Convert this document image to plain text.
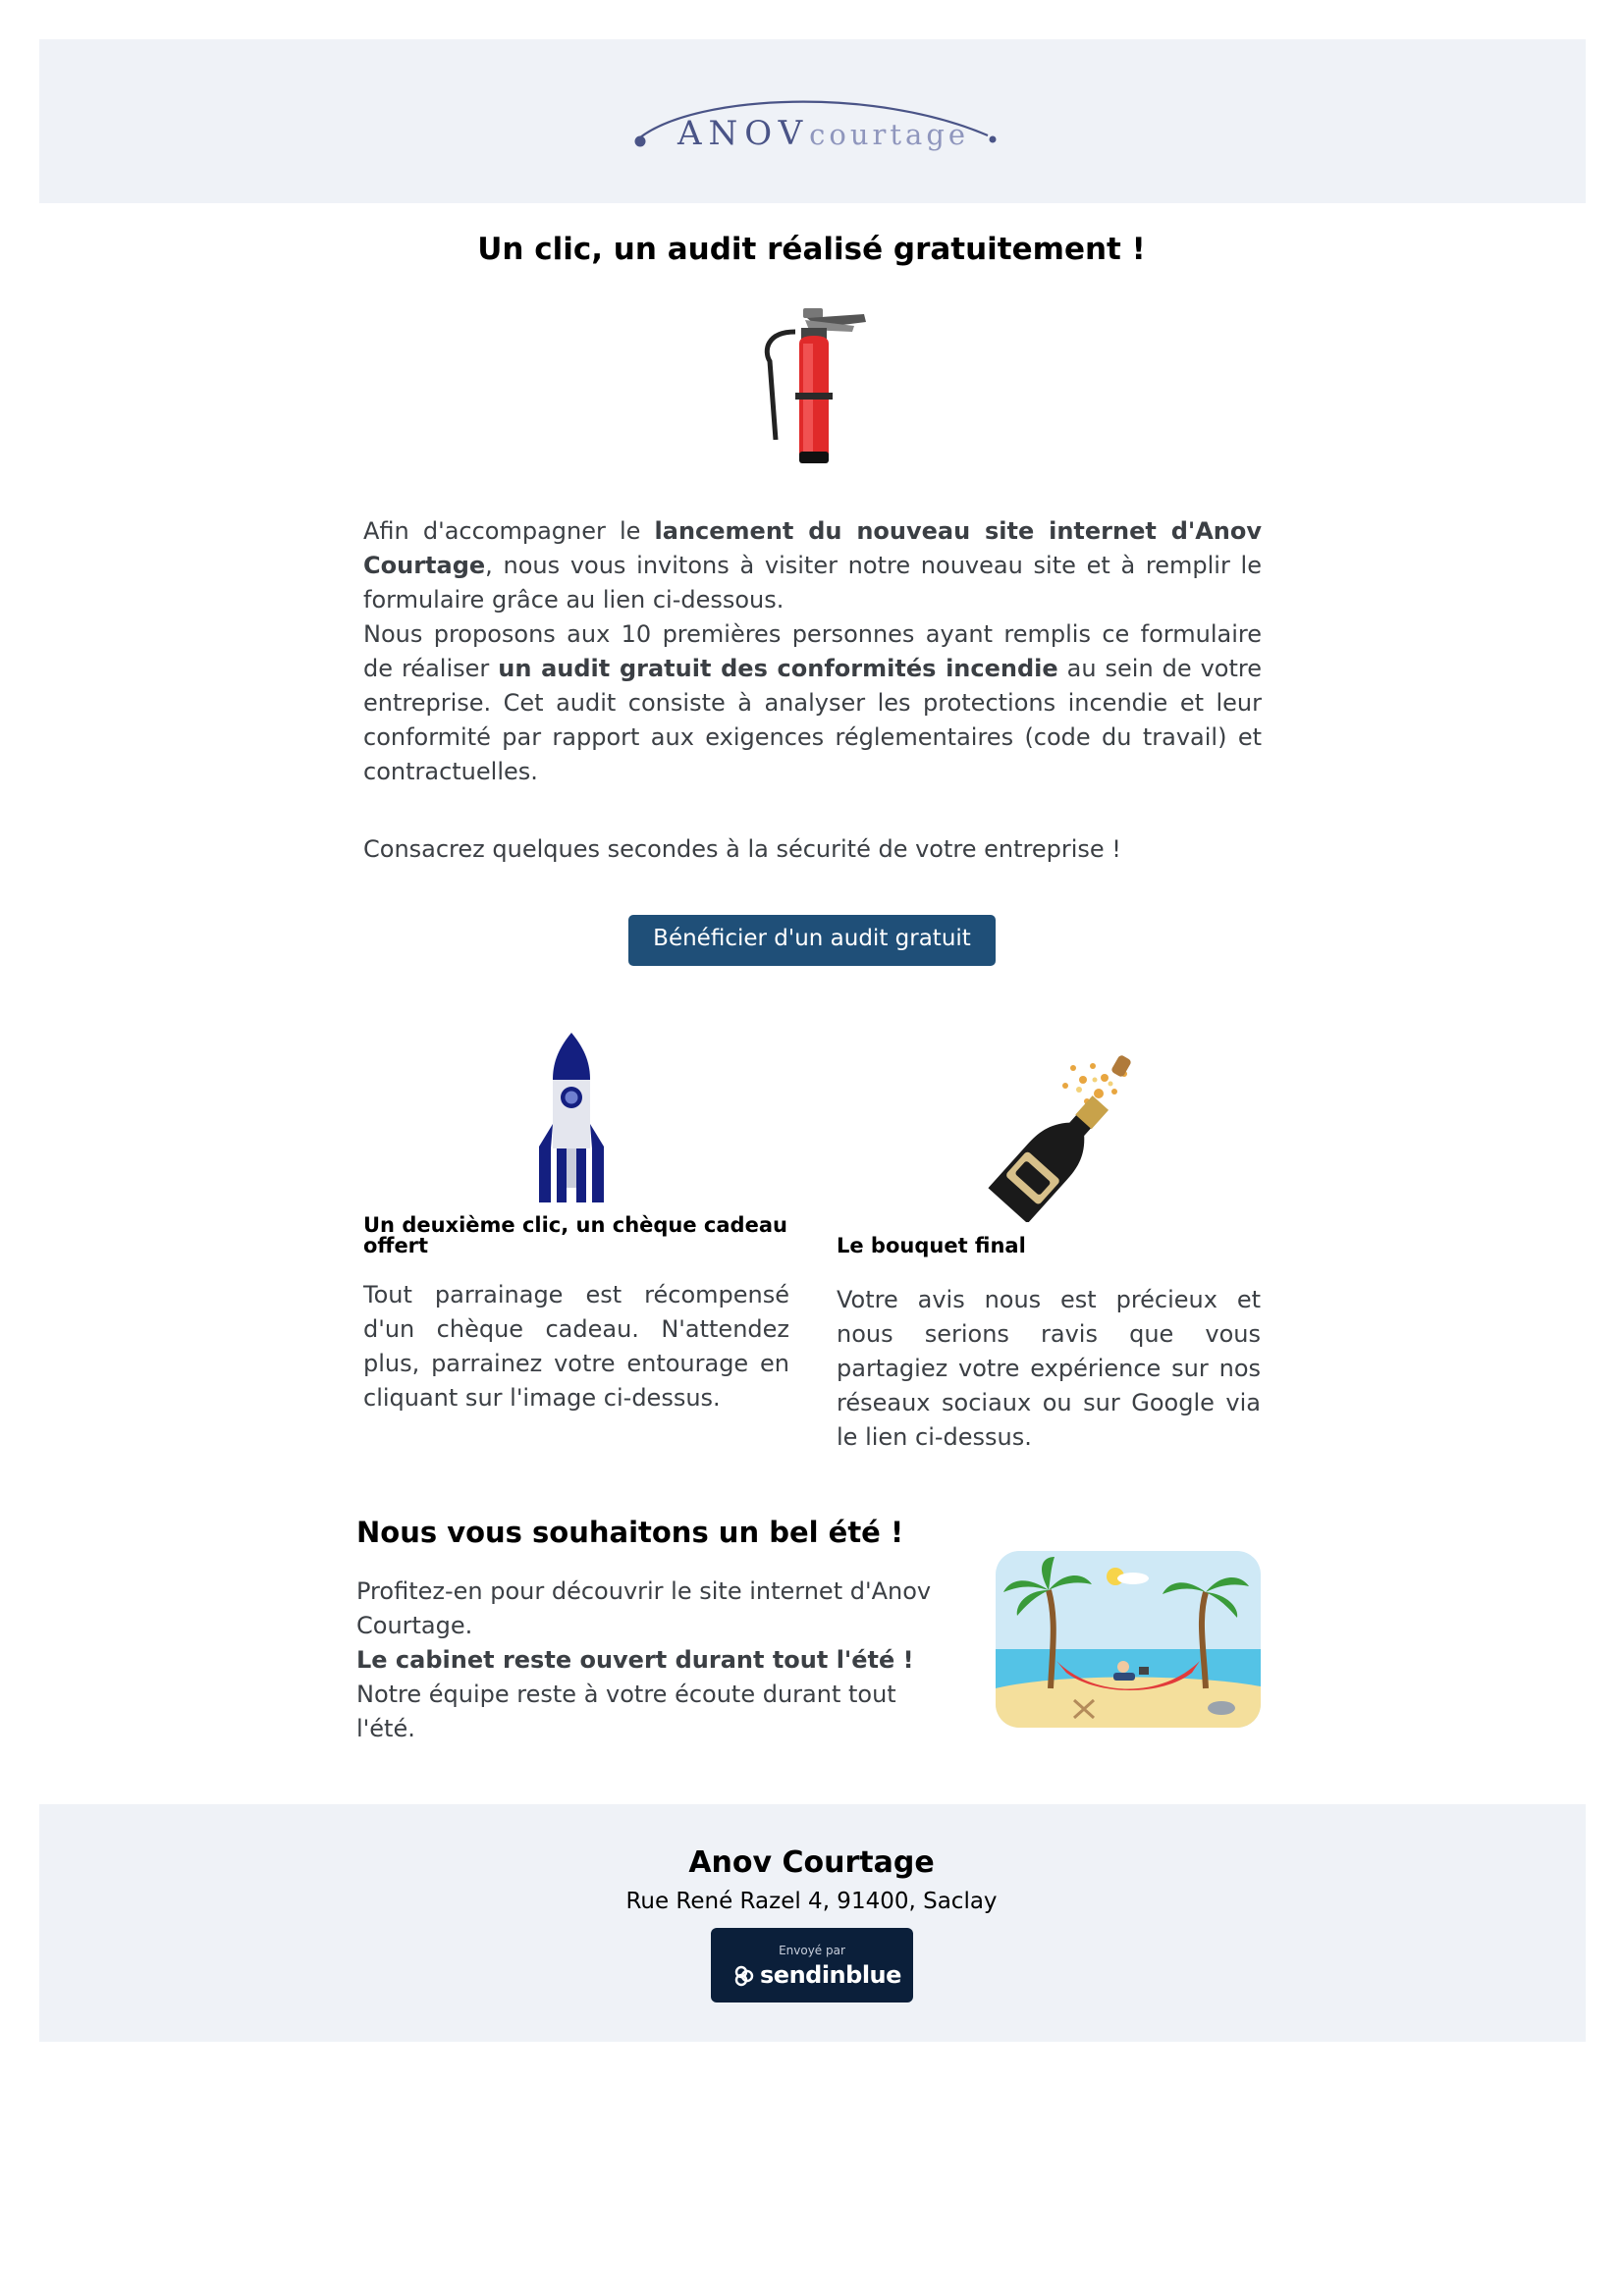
ANOVcourtage
Un clic, un audit réalisé gratuitement !

Afin d'accompagner le lancement du nouveau site internet d'Anov Courtage, nous vous invitons à visiter notre nouveau site et à remplir le formulaire grâce au lien ci-dessous.

Nous proposons aux 10 premières personnes ayant remplis ce formulaire de réaliser un audit gratuit des conformités incendie au sein de votre entreprise. Cet audit consiste à analyser les protections incendie et leur conformité par rapport aux exigences réglementaires (code du travail) et contractuelles.

Consacrez quelques secondes à la sécurité de votre entreprise !

Bénéficier d'un audit gratuit

Un deuxième clic, un chèque cadeau offert

Tout parrainage est récompensé d'un chèque cadeau. N'attendez plus, parrainez votre entourage en cliquant sur l'image ci-dessus.

Le bouquet final

Votre avis nous est précieux et nous serions ravis que vous partagiez votre expérience sur nos réseaux sociaux ou sur Google via le lien ci-dessus.

Nous vous souhaitons un bel été !

Profitez-en pour découvrir le site internet d'Anov Courtage.

Le cabinet reste ouvert durant tout l'été !

Notre équipe reste à votre écoute durant tout l'été.

Anov Courtage

Rue René Razel 4, 91400, Saclay

Envoyé par
sendinblue
